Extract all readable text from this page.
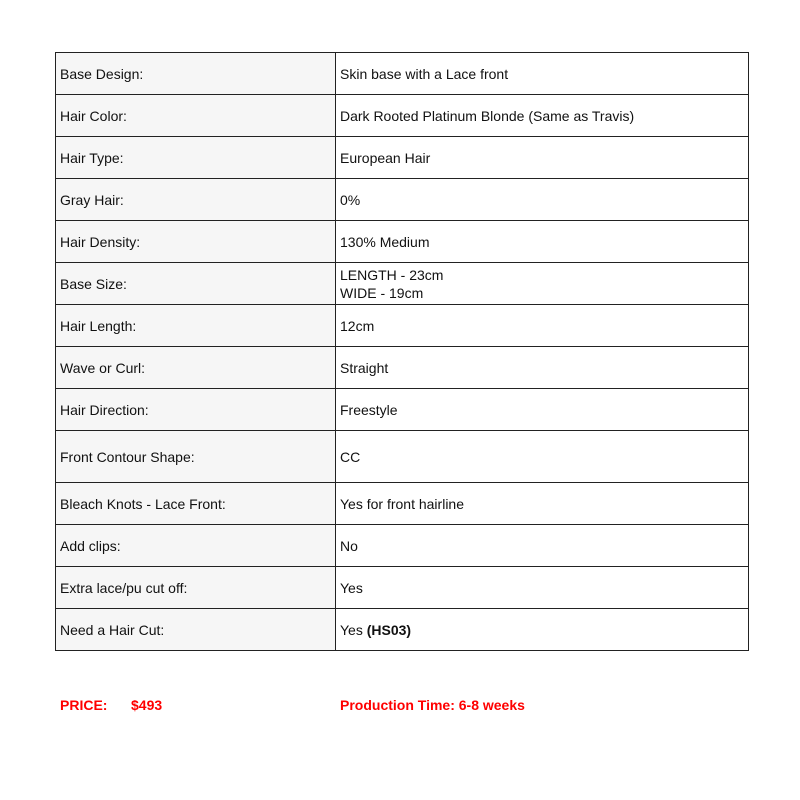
Base Design:	Skin base with a Lace front
Hair Color:	Dark Rooted Platinum Blonde (Same as Travis)
Hair Type:	European Hair
Gray Hair:	0%
Hair Density:	130% Medium
Base Size:	LENGTH - 23cm
WIDE - 19cm

Hair Length:	12cm
Wave or Curl:	Straight
Hair Direction:	Freestyle
Front Contour Shape:	CC
Bleach Knots - Lace Front:	Yes for front hairline
Add clips:	No
Extra lace/pu cut off:	Yes
Need a Hair Cut:	Yes (HS03)
PRICE: $493	Production Time: 6-8 weeks
